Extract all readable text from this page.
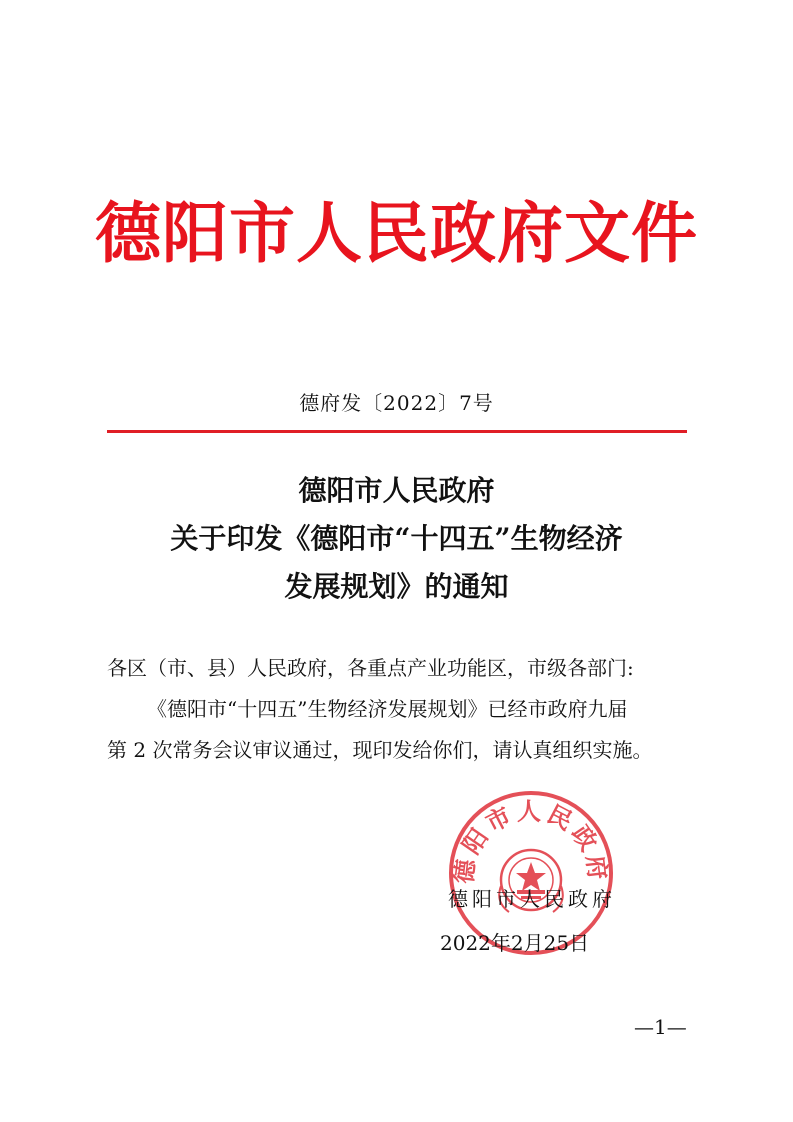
德阳市人民政府文件
德府发〔2022〕7号
德阳市人民政府
关于印发《德阳市“十四五”生物经济
发展规划》的通知

各区（市、县）人民政府，各重点产业功能区，市级各部门:

《德阳市“十四五”生物经济发展规划》已经市政府九届

第 2 次常务会议审议通过，现印发给你们，请认真组织实施。

德阳市人民政府
德阳市人民政府
2022年2月25日
—1—
